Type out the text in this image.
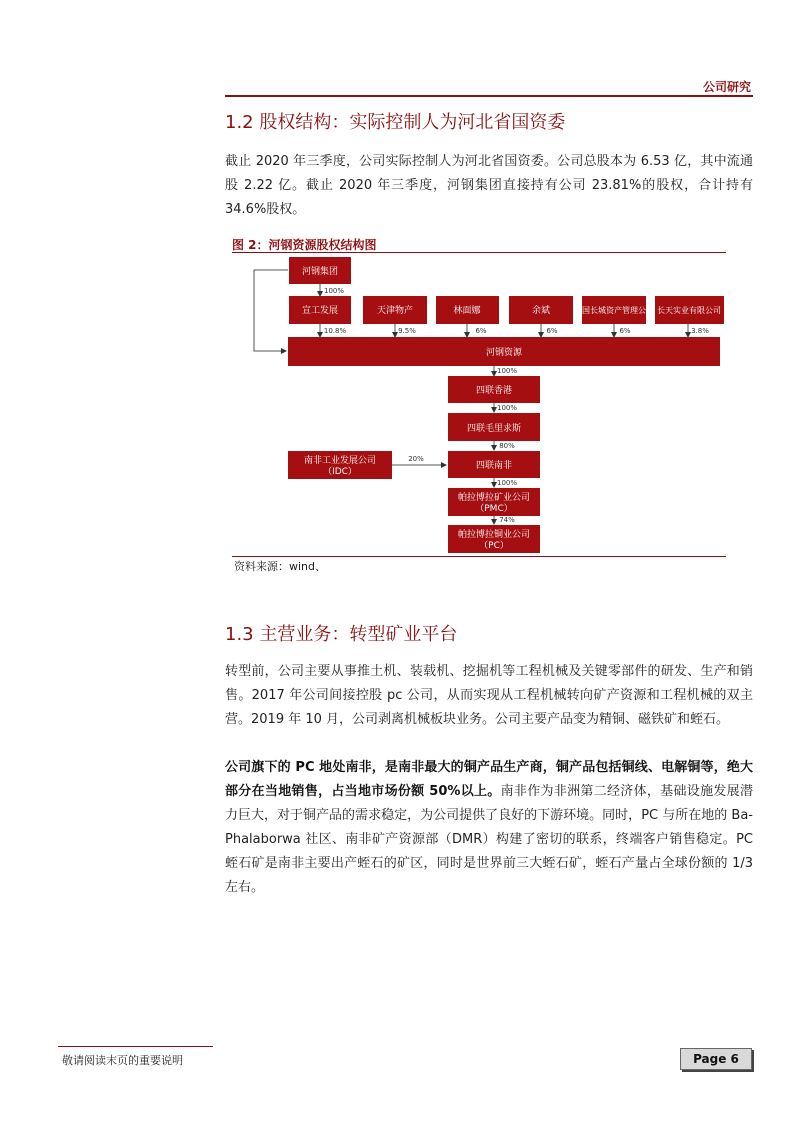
公司研究
1.2 股权结构：实际控制人为河北省国资委
截止 2020 年三季度，公司实际控制人为河北省国资委。公司总股本为 6.53 亿，其中流通股 2.22 亿。截止 2020 年三季度，河钢集团直接持有公司 23.81%的股权，合计持有 34.6%股权。
图 2：河钢资源股权结构图
河钢集团
宣工发展	天津物产	林面娜	余斌	中国长城资产管理公司 长天实业有限公司
河钢资源
四联香港
四联毛里求斯
南非工业发展公司
（IDC）
四联南非
帕拉博拉矿业公司
（PMC）
帕拉博拉铜业公司
（PC）
100%
10.8%	9.5%	6%	6%	6%	3.8%
100%
100%
80%
20%
100%
74%
资料来源：wind、
1.3 主营业务：转型矿业平台
转型前，公司主要从事推土机、装载机、挖掘机等工程机械及关键零部件的研发、生产和销售。2017 年公司间接控股 pc 公司，从而实现从工程机械转向矿产资源和工程机械的双主营。2019 年 10 月，公司剥离机械板块业务。公司主要产品变为精铜、磁铁矿和蛭石。
公司旗下的 PC 地处南非，是南非最大的铜产品生产商，铜产品包括铜线、电解铜等，绝大部分在当地销售，占当地市场份额 50%以上。南非作为非洲第二经济体，基础设施发展潜力巨大，对于铜产品的需求稳定，为公司提供了良好的下游环境。同时，PC 与所在地的 Ba-Phalaborwa 社区、南非矿产资源部（DMR）构建了密切的联系，终端客户销售稳定。PC 蛭石矿是南非主要出产蛭石的矿区，同时是世界前三大蛭石矿，蛭石产量占全球份额的 1/3 左右。
敬请阅读末页的重要说明	Page 6
